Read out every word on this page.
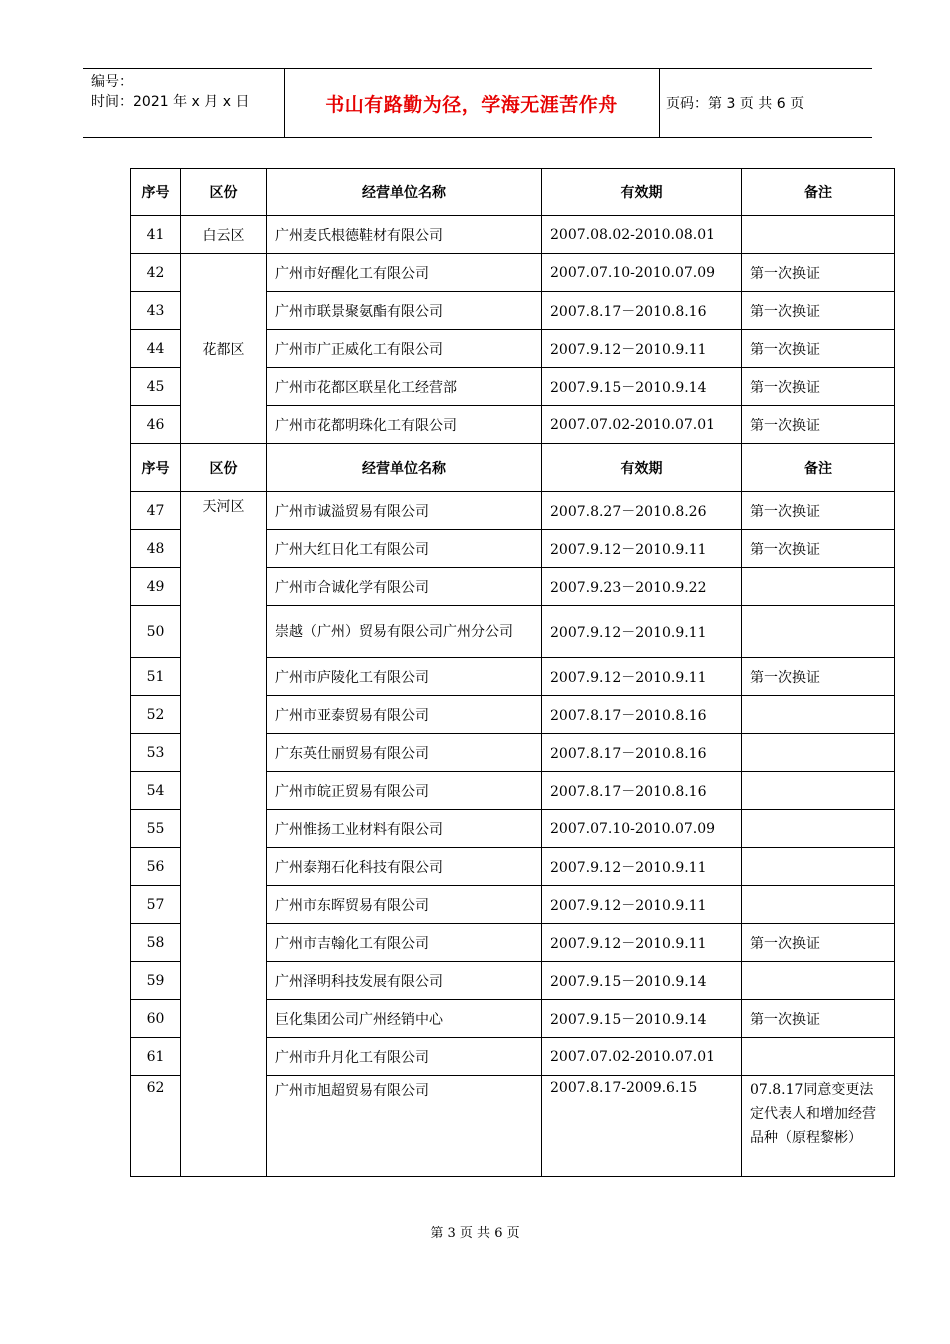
编号：
时间：2021 年 x 月 x 日	书山有路勤为径，学海无涯苦作舟	页码：第 3 页 共 6 页
序号	区份	经营单位名称	有效期	备注
41	白云区	广州麦氏根德鞋材有限公司	2007.08.02-2010.08.01	
42	花都区	广州市好醒化工有限公司	2007.07.10-2010.07.09	第一次换证
43		广州市联景聚氨酯有限公司	2007.8.17－2010.8.16	第一次换证
44		广州市广正威化工有限公司	2007.9.12－2010.9.11	第一次换证
45		广州市花都区联星化工经营部	2007.9.15－2010.9.14	第一次换证
46		广州市花都明珠化工有限公司	2007.07.02-2010.07.01	第一次换证
序号	区份	经营单位名称	有效期	备注
47	天河区	广州市诚溢贸易有限公司	2007.8.27－2010.8.26	第一次换证
48		广州大红日化工有限公司	2007.9.12－2010.9.11	第一次换证
49		广州市合诚化学有限公司	2007.9.23－2010.9.22	
50		崇越（广州）贸易有限公司广州分公司	2007.9.12－2010.9.11	
51		广州市庐陵化工有限公司	2007.9.12－2010.9.11	第一次换证
52		广州市亚泰贸易有限公司	2007.8.17－2010.8.16	
53		广东英仕丽贸易有限公司	2007.8.17－2010.8.16	
54		广州市皖正贸易有限公司	2007.8.17－2010.8.16	
55		广州惟扬工业材料有限公司	2007.07.10-2010.07.09	
56		广州泰翔石化科技有限公司	2007.9.12－2010.9.11	
57		广州市东晖贸易有限公司	2007.9.12－2010.9.11	
58		广州市吉翰化工有限公司	2007.9.12－2010.9.11	第一次换证
59		广州泽明科技发展有限公司	2007.9.15－2010.9.14	
60		巨化集团公司广州经销中心	2007.9.15－2010.9.14	第一次换证
61		广州市升月化工有限公司	2007.07.02-2010.07.01	
62		广州市旭超贸易有限公司	2007.8.17-2009.6.15	07.8.17同意变更法定代表人和增加经营品种（原程黎彬）
第 3 页 共 6 页
